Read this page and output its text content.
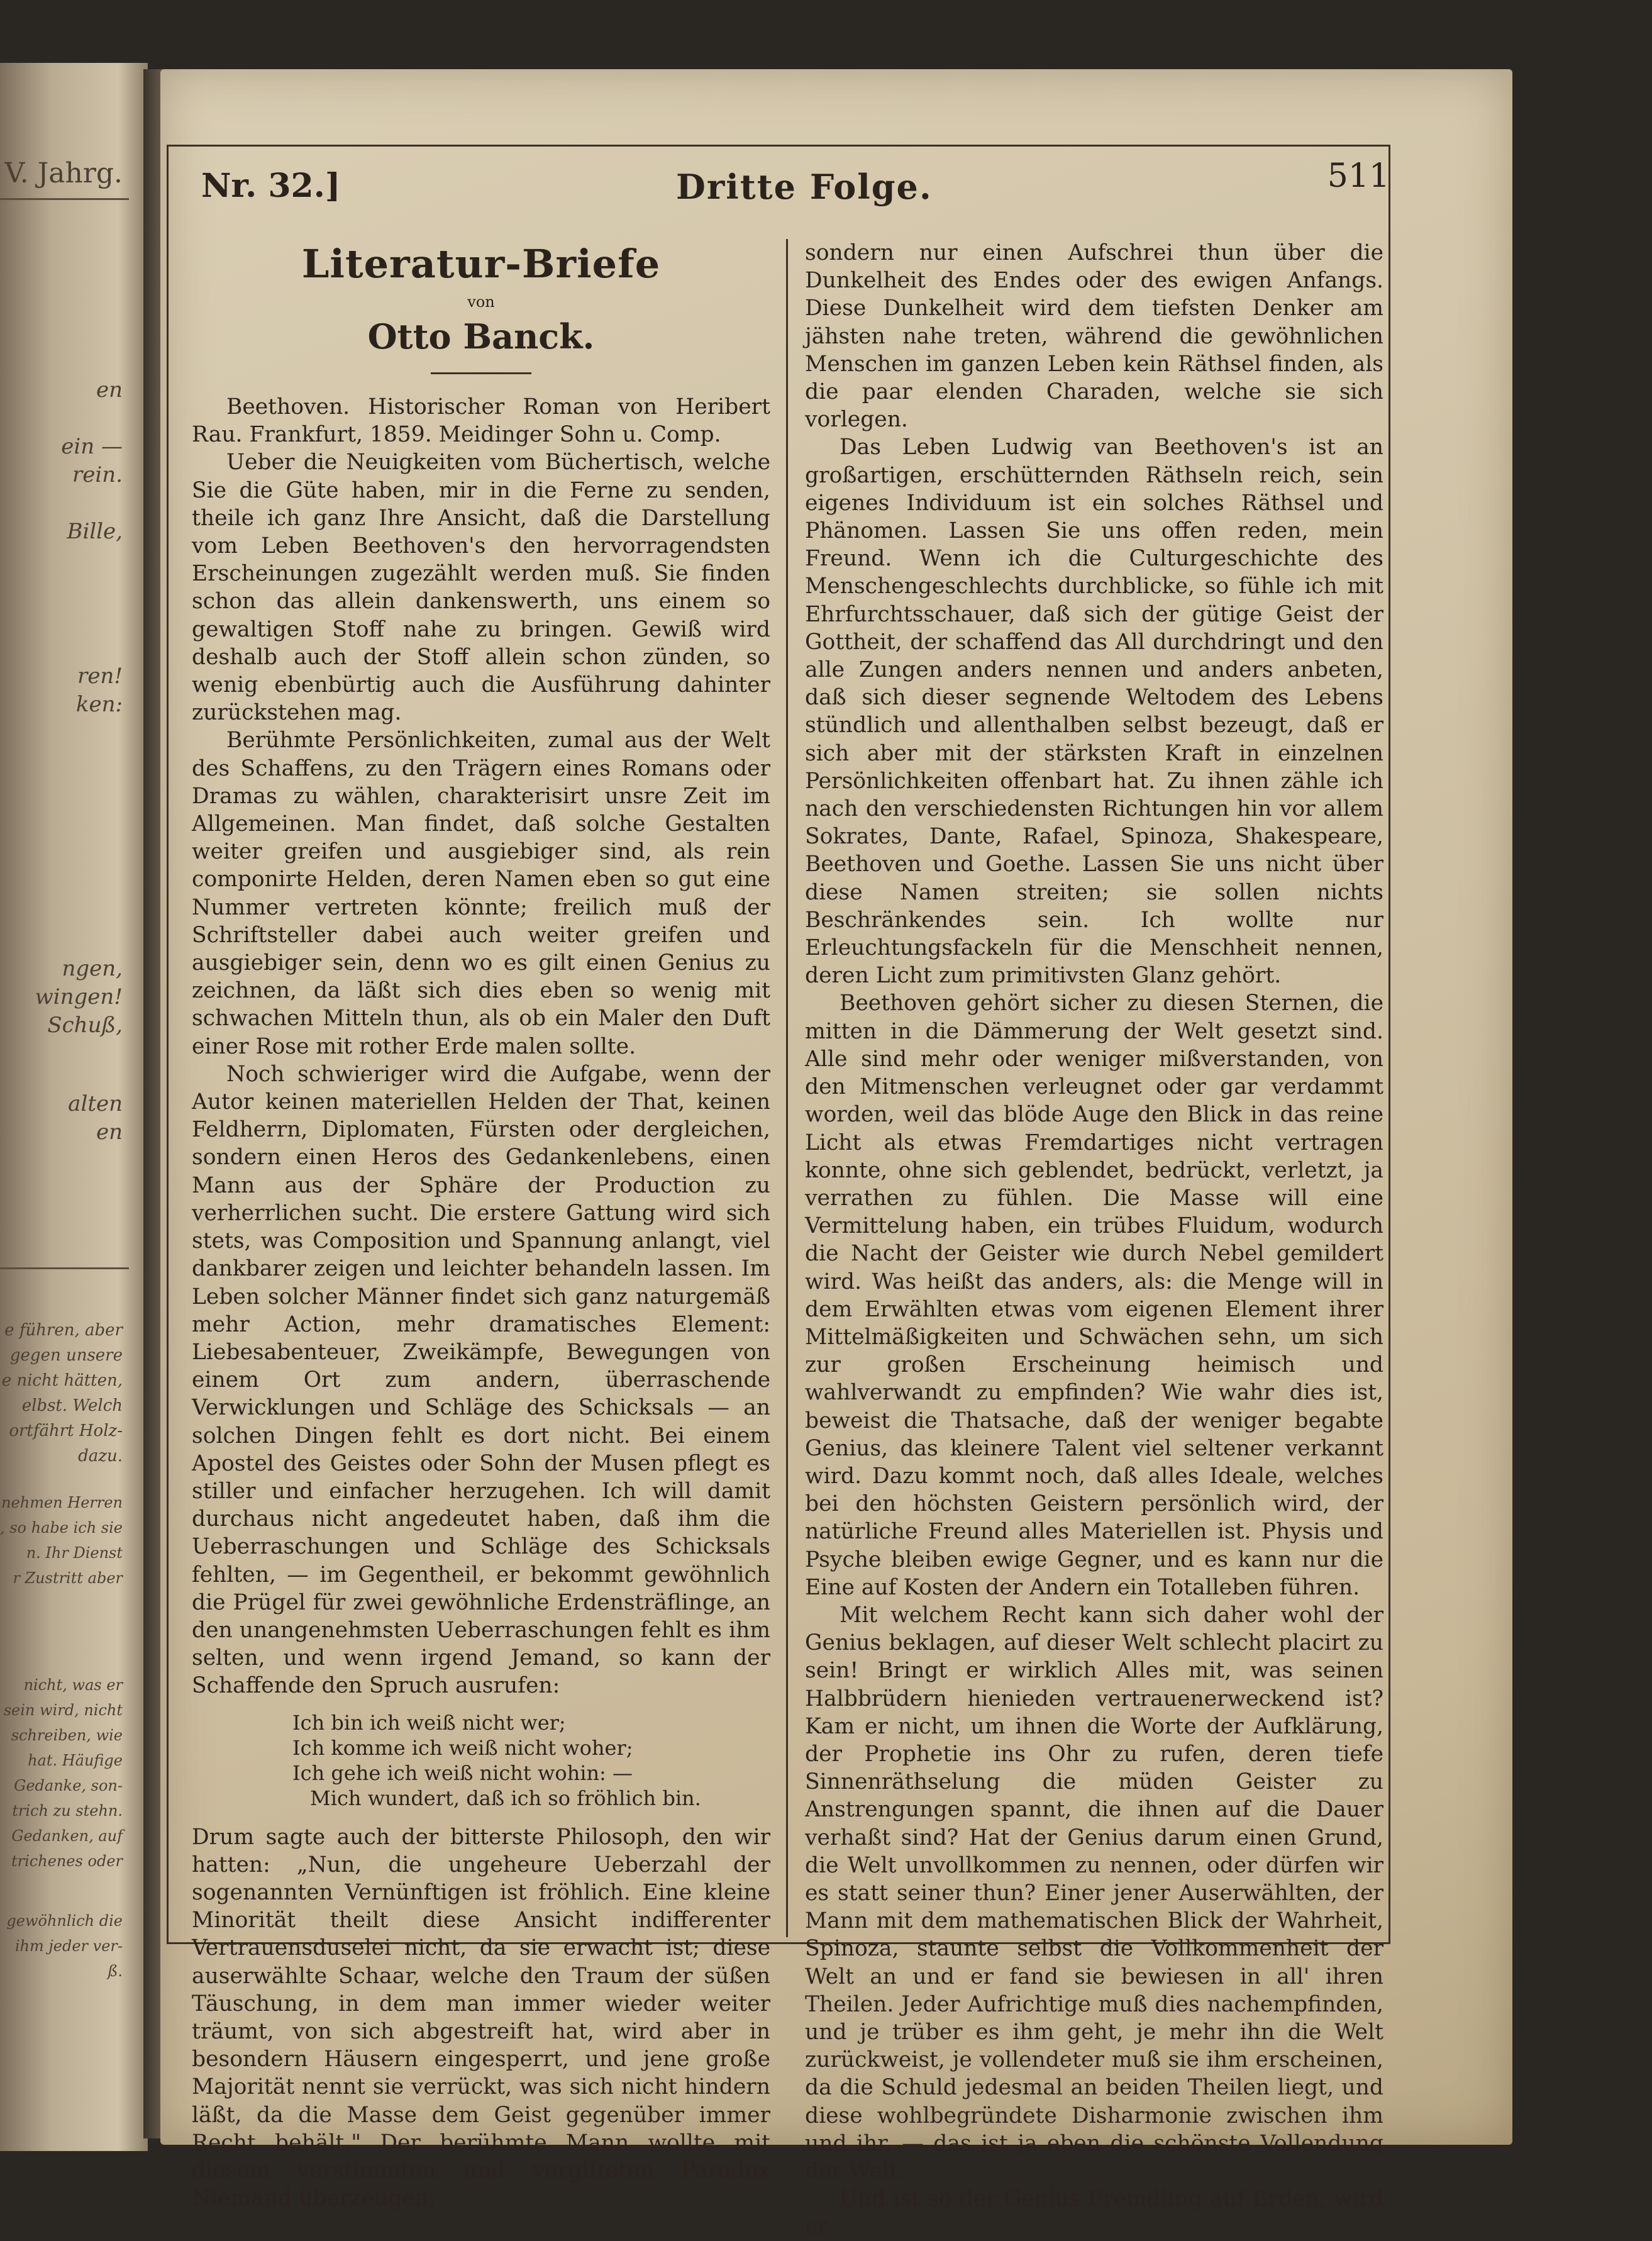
V. Jahrg.
en
ein —
rein.
Bille,
ren!
ken:
ngen,
wingen!
Schuß,
alten
en
e führen, aber
gegen unsere
e nicht hätten,
elbst. Welch
ortfährt Holz-
dazu.
nehmen Herren
, so habe ich sie
n. Ihr Dienst
r Zustritt aber
nicht, was er
sein wird, nicht
schreiben, wie
hat. Häufige
Gedanke, son-
trich zu stehn.
Gedanken, auf
trichenes oder
gewöhnlich die
ihm jeder ver-
ß.
Nr. 32.]	Dritte Folge.	511
Literatur-Briefe
von
Otto Banck.

Beethoven. Historischer Roman von Heribert Rau. Frankfurt, 1859. Meidinger Sohn u. Comp.

Ueber die Neuigkeiten vom Büchertisch, welche Sie die Güte haben, mir in die Ferne zu senden, theile ich ganz Ihre Ansicht, daß die Darstellung vom Leben Beethoven's den hervorragendsten Erscheinungen zugezählt werden muß. Sie finden schon das allein dankenswerth, uns einem so gewaltigen Stoff nahe zu bringen. Gewiß wird deshalb auch der Stoff allein schon zünden, so wenig ebenbürtig auch die Ausführung dahinter zurückstehen mag.

Berühmte Persönlichkeiten, zumal aus der Welt des Schaffens, zu den Trägern eines Romans oder Dramas zu wählen, charakterisirt unsre Zeit im Allgemeinen. Man findet, daß solche Gestalten weiter greifen und ausgiebiger sind, als rein componirte Helden, deren Namen eben so gut eine Nummer vertreten könnte; freilich muß der Schriftsteller dabei auch weiter greifen und ausgiebiger sein, denn wo es gilt einen Genius zu zeichnen, da läßt sich dies eben so wenig mit schwachen Mitteln thun, als ob ein Maler den Duft einer Rose mit rother Erde malen sollte.

Noch schwieriger wird die Aufgabe, wenn der Autor keinen materiellen Helden der That, keinen Feldherrn, Diplomaten, Fürsten oder dergleichen, sondern einen Heros des Gedankenlebens, einen Mann aus der Sphäre der Production zu verherrlichen sucht. Die erstere Gattung wird sich stets, was Composition und Spannung anlangt, viel dankbarer zeigen und leichter behandeln lassen. Im Leben solcher Männer findet sich ganz naturgemäß mehr Action, mehr dramatisches Element: Liebesabenteuer, Zweikämpfe, Bewegungen von einem Ort zum andern, überraschende Verwicklungen und Schläge des Schicksals — an solchen Dingen fehlt es dort nicht. Bei einem Apostel des Geistes oder Sohn der Musen pflegt es stiller und einfacher herzugehen. Ich will damit durchaus nicht angedeutet haben, daß ihm die Ueberraschungen und Schläge des Schicksals fehlten, — im Gegentheil, er bekommt gewöhnlich die Prügel für zwei gewöhnliche Erdensträflinge, an den unangenehmsten Ueberraschungen fehlt es ihm selten, und wenn irgend Jemand, so kann der Schaffende den Spruch ausrufen:

Ich bin ich weiß nicht wer;
Ich komme ich weiß nicht woher;
Ich gehe ich weiß nicht wohin: —
Mich wundert, daß ich so fröhlich bin.

Drum sagte auch der bitterste Philosoph, den wir hatten: „Nun, die ungeheure Ueberzahl der sogenannten Vernünftigen ist fröhlich. Eine kleine Minorität theilt diese Ansicht indifferenter Vertrauensduselei nicht, da sie erwacht ist; diese auserwählte Schaar, welche den Traum der süßen Täuschung, in dem man immer wieder weiter träumt, von sich abgestreift hat, wird aber in besondern Häusern eingesperrt, und jene große Majorität nennt sie verrückt, was sich nicht hindern läßt, da die Masse dem Geist gegenüber immer Recht behält." Der berühmte Mann wollte mit diesem verstimmten und vergifteten Paradox Niemand überzeugen,

sondern nur einen Aufschrei thun über die Dunkelheit des Endes oder des ewigen Anfangs. Diese Dunkelheit wird dem tiefsten Denker am jähsten nahe treten, während die gewöhnlichen Menschen im ganzen Leben kein Räthsel finden, als die paar elenden Charaden, welche sie sich vorlegen.

Das Leben Ludwig van Beethoven's ist an großartigen, erschütternden Räthseln reich, sein eigenes Individuum ist ein solches Räthsel und Phänomen. Lassen Sie uns offen reden, mein Freund. Wenn ich die Culturgeschichte des Menschengeschlechts durchblicke, so fühle ich mit Ehrfurchtsschauer, daß sich der gütige Geist der Gottheit, der schaffend das All durchdringt und den alle Zungen anders nennen und anders anbeten, daß sich dieser segnende Weltodem des Lebens stündlich und allenthalben selbst bezeugt, daß er sich aber mit der stärksten Kraft in einzelnen Persönlichkeiten offenbart hat. Zu ihnen zähle ich nach den verschiedensten Richtungen hin vor allem Sokrates, Dante, Rafael, Spinoza, Shakespeare, Beethoven und Goethe. Lassen Sie uns nicht über diese Namen streiten; sie sollen nichts Beschränkendes sein. Ich wollte nur Erleuchtungsfackeln für die Menschheit nennen, deren Licht zum primitivsten Glanz gehört.

Beethoven gehört sicher zu diesen Sternen, die mitten in die Dämmerung der Welt gesetzt sind. Alle sind mehr oder weniger mißverstanden, von den Mitmenschen verleugnet oder gar verdammt worden, weil das blöde Auge den Blick in das reine Licht als etwas Fremdartiges nicht vertragen konnte, ohne sich geblendet, bedrückt, verletzt, ja verrathen zu fühlen. Die Masse will eine Vermittelung haben, ein trübes Fluidum, wodurch die Nacht der Geister wie durch Nebel gemildert wird. Was heißt das anders, als: die Menge will in dem Erwählten etwas vom eigenen Element ihrer Mittelmäßigkeiten und Schwächen sehn, um sich zur großen Erscheinung heimisch und wahlverwandt zu empfinden? Wie wahr dies ist, beweist die Thatsache, daß der weniger begabte Genius, das kleinere Talent viel seltener verkannt wird. Dazu kommt noch, daß alles Ideale, welches bei den höchsten Geistern persönlich wird, der natürliche Freund alles Materiellen ist. Physis und Psyche bleiben ewige Gegner, und es kann nur die Eine auf Kosten der Andern ein Totalleben führen.

Mit welchem Recht kann sich daher wohl der Genius beklagen, auf dieser Welt schlecht placirt zu sein! Bringt er wirklich Alles mit, was seinen Halbbrüdern hienieden vertrauenerweckend ist? Kam er nicht, um ihnen die Worte der Aufklärung, der Prophetie ins Ohr zu rufen, deren tiefe Sinnenräthselung die müden Geister zu Anstrengungen spannt, die ihnen auf die Dauer verhaßt sind? Hat der Genius darum einen Grund, die Welt unvollkommen zu nennen, oder dürfen wir es statt seiner thun? Einer jener Auserwählten, der Mann mit dem mathematischen Blick der Wahrheit, Spinoza, staunte selbst die Vollkommenheit der Welt an und er fand sie bewiesen in all' ihren Theilen. Jeder Aufrichtige muß dies nachempfinden, und je trüber es ihm geht, je mehr ihn die Welt zurückweist, je vollendeter muß sie ihm erscheinen, da die Schuld jedesmal an beiden Theilen liegt, und diese wohlbegründete Disharmonie zwischen ihm und ihr, — das ist ja eben die schönste Vollendung der Welt.

Und ist so der Genius Fremdling auf Erden, wird er
